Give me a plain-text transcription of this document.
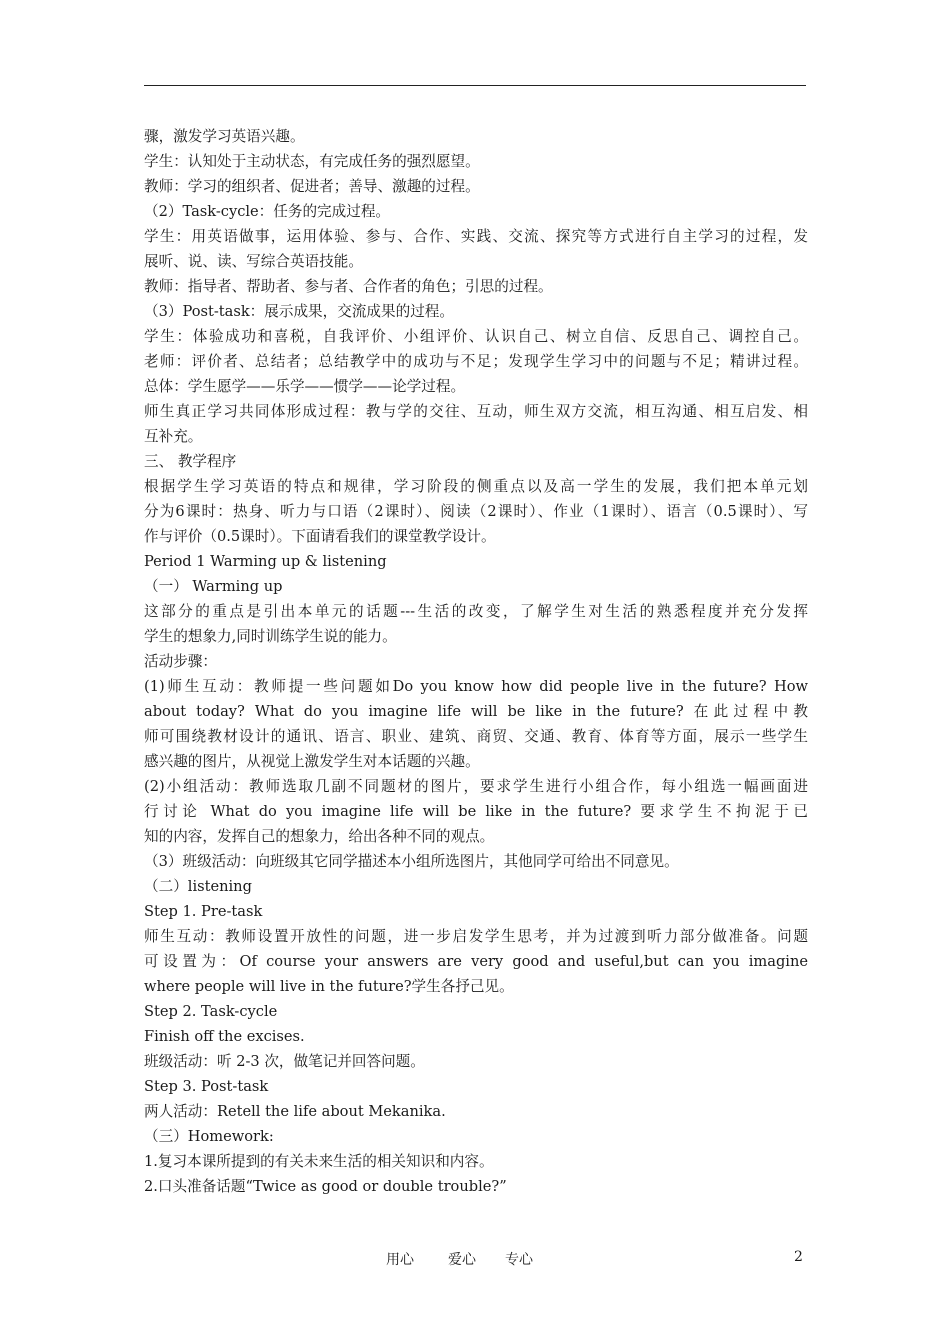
骤，激发学习英语兴趣。
学生：认知处于主动状态，有完成任务的强烈愿望。
教师：学习的组织者、促进者；善导、激趣的过程。
（2）Task-cycle：任务的完成过程。
学生：用英语做事，运用体验、参与、合作、实践、交流、探究等方式进行自主学习的过程，发
展听、说、读、写综合英语技能。
教师：指导者、帮助者、参与者、合作者的角色；引思的过程。
（3）Post-task：展示成果，交流成果的过程。
学生：体验成功和喜税，自我评价、小组评价、认识自己、树立自信、反思自己、调控自己。
老师：评价者、总结者；总结教学中的成功与不足；发现学生学习中的问题与不足；精讲过程。
总体：学生愿学——乐学——惯学——论学过程。
师生真正学习共同体形成过程：教与学的交往、互动，师生双方交流，相互沟通、相互启发、相
互补充。
三、 教学程序
根据学生学习英语的特点和规律，学习阶段的侧重点以及高一学生的发展，我们把本单元划
分为6课时：热身、听力与口语（2课时）、阅读（2课时）、作业（1课时）、语言（0.5课时）、写
作与评价（0.5课时）。下面请看我们的课堂教学设计。
Period 1 Warming up & listening
（一） Warming up
这部分的重点是引出本单元的话题---生活的改变，了解学生对生活的熟悉程度并充分发挥
学生的想象力,同时训练学生说的能力。
活动步骤：
(1)师生互动：教师提一些问题如Do you know how did people live in the future? How
about today? What do you imagine life will be like in the future? 在此过程中教
师可围绕教材设计的通讯、语言、职业、建筑、商贸、交通、教育、体育等方面，展示一些学生
感兴趣的图片，从视觉上激发学生对本话题的兴趣。
(2)小组活动：教师选取几副不同题材的图片，要求学生进行小组合作，每小组选一幅画面进
行讨论 What do you imagine life will be like in the future? 要求学生不拘泥于已
知的内容，发挥自己的想象力，给出各种不同的观点。
（3）班级活动：向班级其它同学描述本小组所选图片，其他同学可给出不同意见。
（二）listening
Step 1. Pre-task
师生互动：教师设置开放性的问题，进一步启发学生思考，并为过渡到听力部分做准备。问题
可设置为：Of course your answers are very good and useful,but can you imagine
where people will live in the future?学生各抒己见。
Step 2. Task-cycle
Finish off the excises.
班级活动：听 2-3 次，做笔记并回答问题。
Step 3. Post-task
两人活动：Retell the life about Mekanika.
（三）Homework:
1.复习本课所提到的有关未来生活的相关知识和内容。
2.口头准备话题“Twice as good or double trouble?”
用心 爱心 专心	2
